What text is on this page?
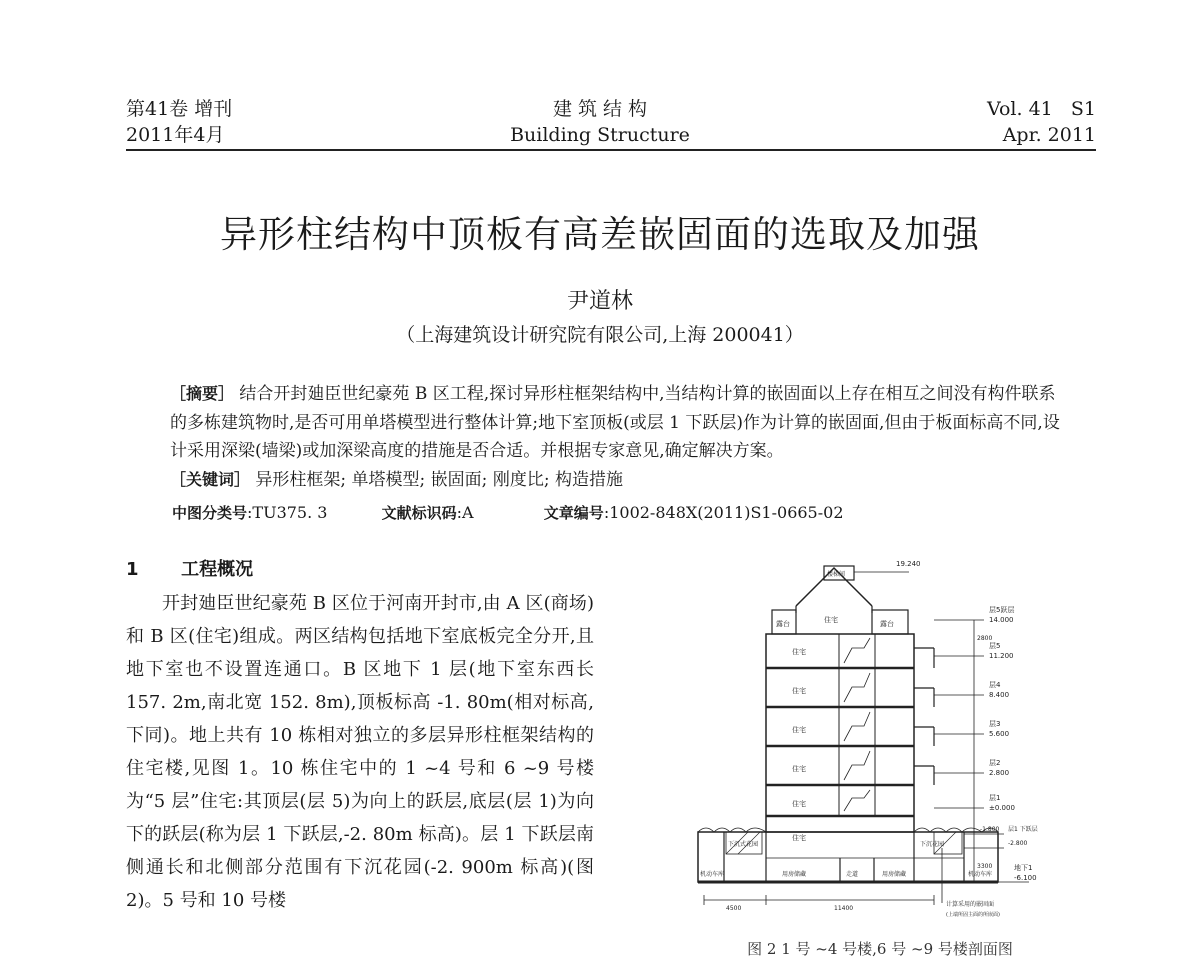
第41卷 增刊
2011年4月
建 筑 结 构
Building Structure
Vol. 41   S1
Apr. 2011
异形柱结构中顶板有高差嵌固面的选取及加强
尹道林
（上海建筑设计研究院有限公司,上海 200041）
［摘要］ 结合开封廸臣世纪豪苑 B 区工程,探讨异形柱框架结构中,当结构计算的嵌固面以上存在相互之间没有构件联系的多栋建筑物时,是否可用单塔模型进行整体计算;地下室顶板(或层 1 下跃层)作为计算的嵌固面,但由于板面标高不同,设计采用深梁(墙梁)或加深梁高度的措施是否合适。并根据专家意见,确定解决方案。
［关键词］ 异形柱框架; 单塔模型; 嵌固面; 刚度比; 构造措施
中图分类号:TU375. 3	文献标识码:A	文章编号:1002-848X(2011)S1-0665-02
1 工程概况

开封廸臣世纪豪苑 B 区位于河南开封市,由 A 区(商场)和 B 区(住宅)组成。两区结构包括地下室底板完全分开,且地下室也不设置连通口。B 区地下 1 层(地下室东西长 157. 2m,南北宽 152. 8m),顶板标高 -1. 80m(相对标高,下同)。地上共有 10 栋相对独立的多层异形柱框架结构的住宅楼,见图 1。10 栋住宅中的 1 ~4 号和 6 ~9 号楼为“5 层”住宅:其顶层(层 5)为向上的跃层,底层(层 1)为向下的跃层(称为层 1 下跃层,-2. 80m 标高)。层 1 下跃层南侧通长和北侧部分范围有下沉花园(-2. 900m 标高)(图 2)。5 号和 10 号楼

19.240
楼梯间
住宅
露台	露台
住宅
住宅
住宅
住宅
住宅
住宅
层5跃层
14.000
层5
11.200
层4
8.400
层3
5.600
层2
2.800
层1
±0.000
-1.800 层1 下跃层
-2.800
地下1
-6.100
下沉式花园	下沉花园
机动车库	用房储藏	走道	用房储藏	机动车库
4500	11400
2800
3300
计算采用的嵌固面
(上端所固主面的所嵌面)
图 2 1 号 ~4 号楼,6 号 ~9 号楼剖面图
